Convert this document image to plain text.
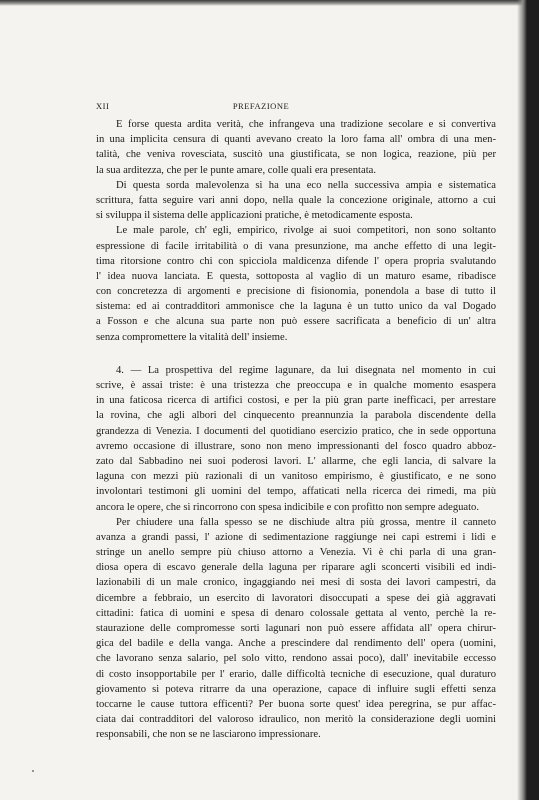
XII	PREFAZIONE
E forse questa ardita verità, che infrangeva una tradizione secolare e si convertiva
in una implicita censura di quanti avevano creato la loro fama all' ombra di una men-
talità, che veniva rovesciata, suscitò una giustificata, se non logica, reazione, più per
la sua arditezza, che per le punte amare, colle quali era presentata.
Di questa sorda malevolenza si ha una eco nella successiva ampia e sistematica
scrittura, fatta seguire vari anni dopo, nella quale la concezione originale, attorno a cui
si sviluppa il sistema delle applicazioni pratiche, è metodicamente esposta.
Le male parole, ch' egli, empirico, rivolge ai suoi competitori, non sono soltanto
espressione di facile irritabilità o di vana presunzione, ma anche effetto di una legit-
tima ritorsione contro chi con spicciola maldicenza difende l' opera propria svalutando
l' idea nuova lanciata. E questa, sottoposta al vaglio di un maturo esame, ribadisce
con concretezza di argomenti e precisione di fisionomia, ponendola a base di tutto il
sistema: ed ai contradditori ammonisce che la laguna è un tutto unico da val Dogado
a Fosson e che alcuna sua parte non può essere sacrificata a beneficio di un' altra
senza compromettere la vitalità dell' insieme.
4. — La prospettiva del regime lagunare, da lui disegnata nel momento in cui
scrive, è assai triste: è una tristezza che preoccupa e in qualche momento esaspera
in una faticosa ricerca di artifici costosi, e per la più gran parte inefficaci, per arrestare
la rovina, che agli albori del cinquecento preannunzia la parabola discendente della
grandezza di Venezia. I documenti del quotidiano esercizio pratico, che in sede opportuna
avremo occasione di illustrare, sono non meno impressionanti del fosco quadro abboz-
zato dal Sabbadino nei suoi poderosi lavori. L' allarme, che egli lancia, di salvare la
laguna con mezzi più razionali di un vanitoso empirismo, è giustificato, e ne sono
involontari testimoni gli uomini del tempo, affaticati nella ricerca dei rimedi, ma più
ancora le opere, che si rincorrono con spesa indicibile e con profitto non sempre adeguato.
Per chiudere una falla spesso se ne dischiude altra più grossa, mentre il canneto
avanza a grandi passi, l' azione di sedimentazione raggiunge nei capi estremi i lidi e
stringe un anello sempre più chiuso attorno a Venezia. Vi è chi parla di una gran-
diosa opera di escavo generale della laguna per riparare agli sconcerti visibili ed indi-
lazionabili di un male cronico, ingaggiando nei mesi di sosta dei lavori campestri, da
dicembre a febbraio, un esercito di lavoratori disoccupati a spese dei già aggravati
cittadini: fatica di uomini e spesa di denaro colossale gettata al vento, perchè la re-
staurazione delle compromesse sorti lagunari non può essere affidata all' opera chirur-
gica del badile e della vanga. Anche a prescindere dal rendimento dell' opera (uomini,
che lavorano senza salario, pel solo vitto, rendono assai poco), dall' inevitabile eccesso
di costo insopportabile per l' erario, dalle difficoltà tecniche di esecuzione, qual duraturo
giovamento si poteva ritrarre da una operazione, capace di influire sugli effetti senza
toccarne le cause tuttora efficenti? Per buona sorte quest' idea peregrina, se pur affac-
ciata dai contradditori del valoroso idraulico, non meritò la considerazione degli uomini
responsabili, che non se ne lasciarono impressionare.
